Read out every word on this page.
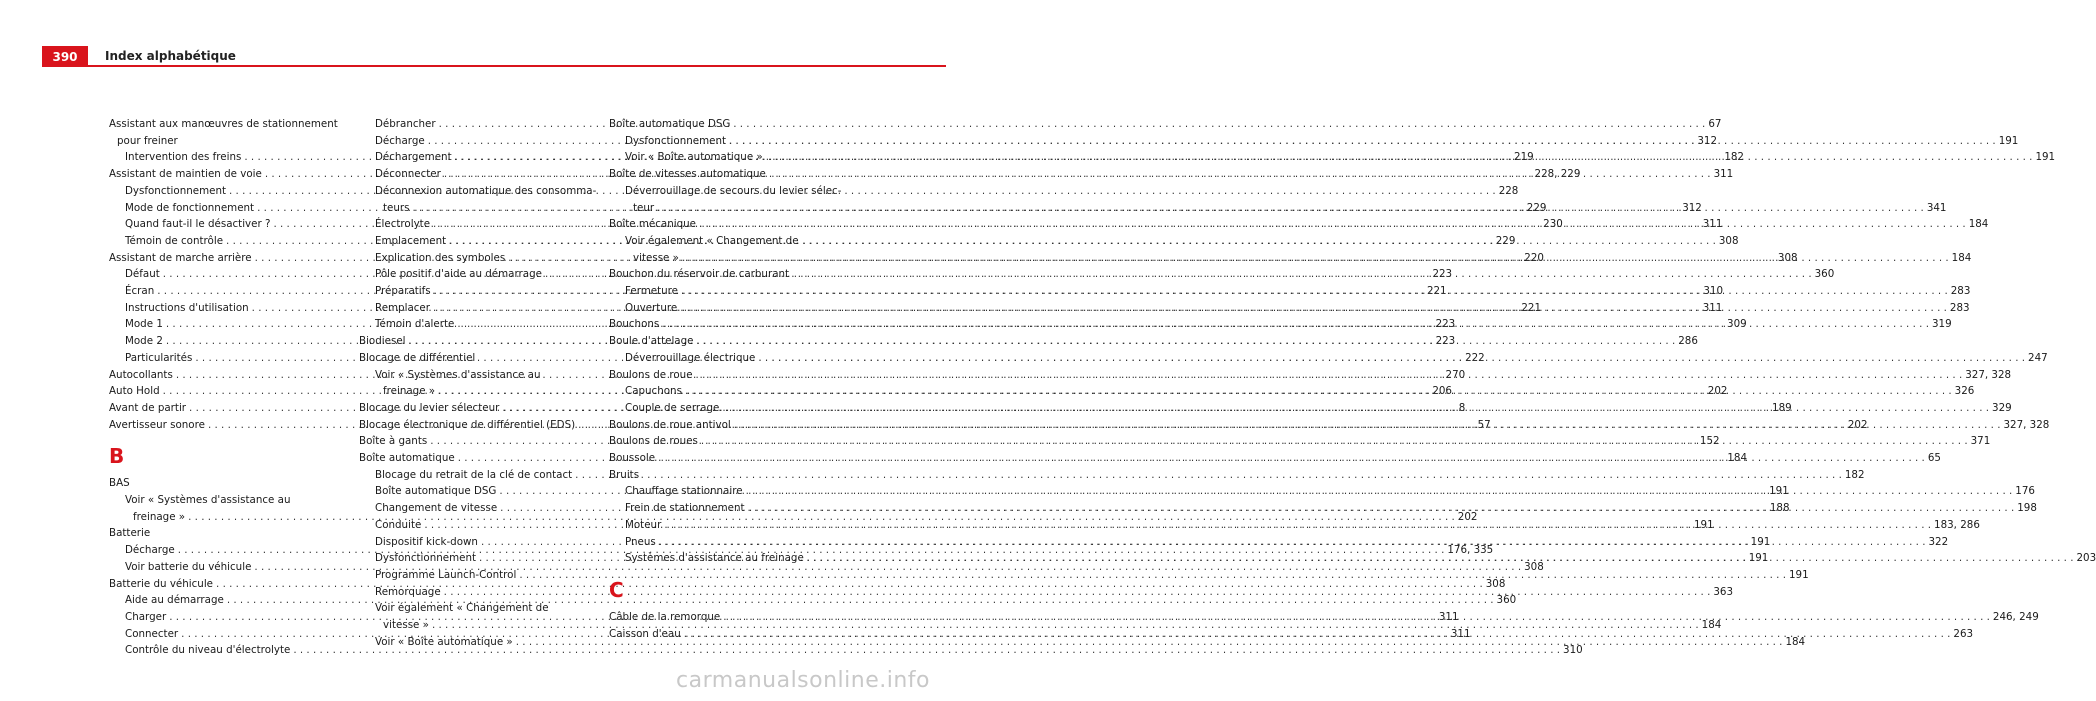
390	Index alphabétique
Assistant aux manœuvres de stationnement
pour freiner
Intervention des freins . . .	219
Assistant de maintien de voie . . .	228, 229
Dysfonctionnement . . .	228
Mode de fonctionnement . . .	229
Quand faut-il le désactiver ? . . .	230
Témoin de contrôle . . .	229
Assistant de marche arrière . . .	220
Défaut . . .	223
Écran . . .	221
Instructions d'utilisation . . .	221
Mode 1 . . .	223
Mode 2 . . .	223
Particularités . . .	222
Autocollants . . .	270
Auto Hold . . .	206
Avant de partir . . .	8
Avertisseur sonore . . .	57
B
BAS
Voir « Systèmes d'assistance au
freinage » . . .	202
Batterie
Décharge . . .	176, 335
Voir batterie du véhicule . . .	308
Batterie du véhicule . . .	308
Aide au démarrage . . .	360
Charger . . .	311
Connecter . . .	311
Contrôle du niveau d'électrolyte . . .	310
Débrancher . . .	67
Décharge . . .	312
Déchargement . . .	182
Déconnecter . . .	311
Déconnexion automatique des consomma-
teurs . . .	312
Électrolyte . . .	311
Emplacement . . .	308
Explication des symboles . . .	308
Pôle positif d'aide au démarrage . . .	360
Préparatifs . . .	310
Remplacer . . .	311
Témoin d'alerte . . .	309
Biodiesel . . .	286
Blocage de différentiel
Voir « Systèmes d'assistance au
freinage » . . .	202
Blocage du levier sélecteur . . .	189
Blocage électronique de différentiel (EDS) . . .	202
Boîte à gants . . .	152
Boîte automatique . . .	184
Blocage du retrait de la clé de contact . . .	182
Boîte automatique DSG . . .	191
Changement de vitesse . . .	188
Conduite . . .	191
Dispositif kick-down . . .	191
Dysfonctionnement . . .	191
Programme Launch-Control . . .	191
Remorquage . . .	363
Voir également « Changement de
vitesse » . . .	184
Voir « Boîte automatique » . . .	184
Boîte automatique DSG
Dysfonctionnement . . .	191
Voir « Boîte automatique » . . .	191
Boîte de vitesses automatique
Déverrouillage de secours du levier sélec-
teur . . .	341
Boîte mécanique . . .	184
Voir également « Changement de
vitesse » . . .	184
Bouchon du réservoir de carburant
Fermeture . . .	283
Ouverture . . .	283
Bouchons . . .	319
Boule d'attelage
Déverrouillage électrique . . .	247
Boulons de roue . . .	327, 328
Capuchons . . .	326
Couple de serrage . . .	329
Boulons de roue antivol . . .	327, 328
Boulons de roues . . .	371
Boussole . . .	65
Bruits
Chauffage stationnaire . . .	176
Frein de stationnement . . .	198
Moteur . . .	183, 286
Pneus . . .	322
Systèmes d'assistance au freinage . . .	203
C
Câble de la remorque . . .	246, 249
Caisson d'eau . . .	263
carmanualsonline.info
